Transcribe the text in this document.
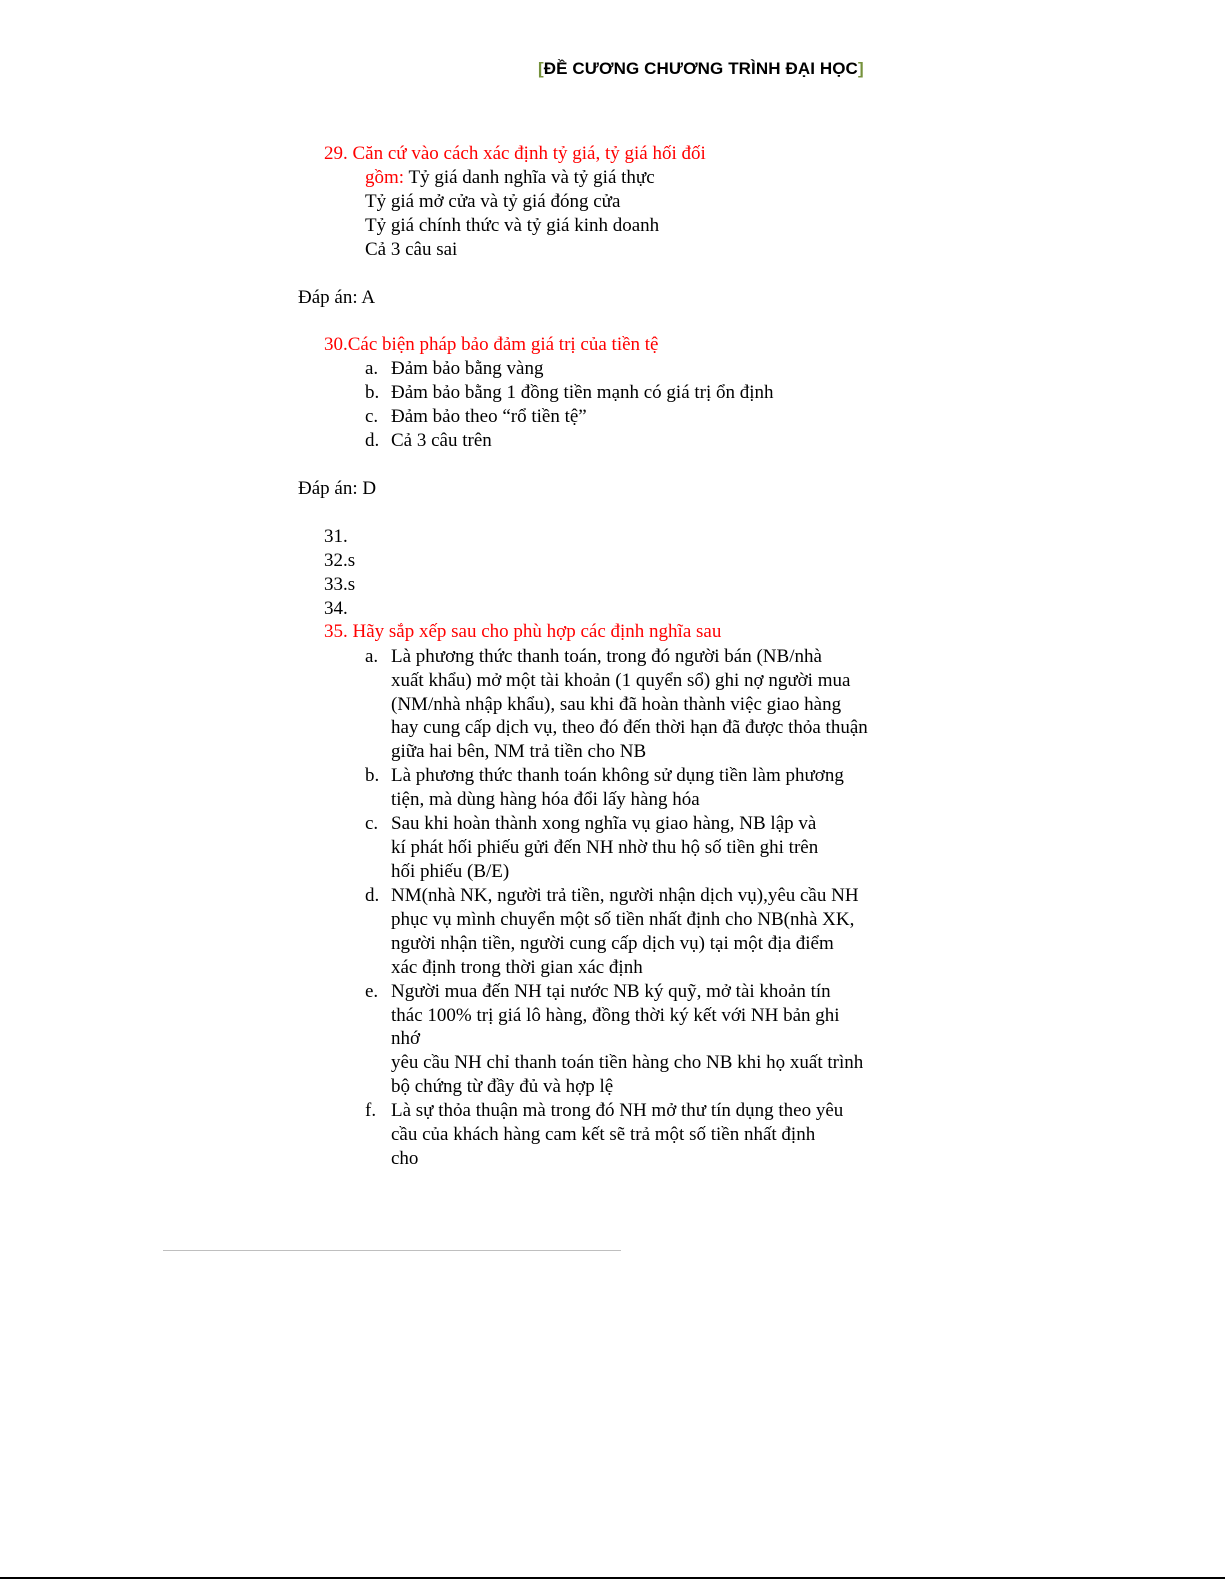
[ĐỀ CƯƠNG CHƯƠNG TRÌNH ĐẠI HỌC]
29. Căn cứ vào cách xác định tỷ giá, tỷ giá hối đối
gồm: Tỷ giá danh nghĩa và tỷ giá thực
Tỷ giá mở cửa và tỷ giá đóng cửa
Tỷ giá chính thức và tỷ giá kinh doanh
Cả 3 câu sai
Đáp án: A
30.Các biện pháp bảo đảm giá trị của tiền tệ
a. Đảm bảo bằng vàng
b. Đảm bảo bằng 1 đồng tiền mạnh có giá trị ổn định
c. Đảm bảo theo “rổ tiền tệ”
d. Cả 3 câu trên
Đáp án: D
31.
32.s
33.s
34.
35. Hãy sắp xếp sau cho phù hợp các định nghĩa sau
a. Là phương thức thanh toán, trong đó người bán (NB/nhà
xuất khẩu) mở một tài khoản (1 quyển sổ) ghi nợ người mua
(NM/nhà nhập khẩu), sau khi đã hoàn thành việc giao hàng
hay cung cấp dịch vụ, theo đó đến thời hạn đã được thỏa thuận
giữa hai bên, NM trả tiền cho NB
b. Là phương thức thanh toán không sử dụng tiền làm phương
tiện, mà dùng hàng hóa đổi lấy hàng hóa
c. Sau khi hoàn thành xong nghĩa vụ giao hàng, NB lập và
kí phát hối phiếu gửi đến NH nhờ thu hộ số tiền ghi trên
hối phiếu (B/E)
d. NM(nhà NK, người trả tiền, người nhận dịch vụ),yêu cầu NH
phục vụ mình chuyển một số tiền nhất định cho NB(nhà XK,
người nhận tiền, người cung cấp dịch vụ) tại một địa điểm
xác định trong thời gian xác định
e. Người mua đến NH tại nước NB ký quỹ, mở tài khoản tín
thác 100% trị giá lô hàng, đồng thời ký kết với NH bản ghi
nhớ
yêu cầu NH chỉ thanh toán tiền hàng cho NB khi họ xuất trình
bộ chứng từ đầy đủ và hợp lệ
f. Là sự thỏa thuận mà trong đó NH mở thư tín dụng theo yêu
cầu của khách hàng cam kết sẽ trả một số tiền nhất định
cho
